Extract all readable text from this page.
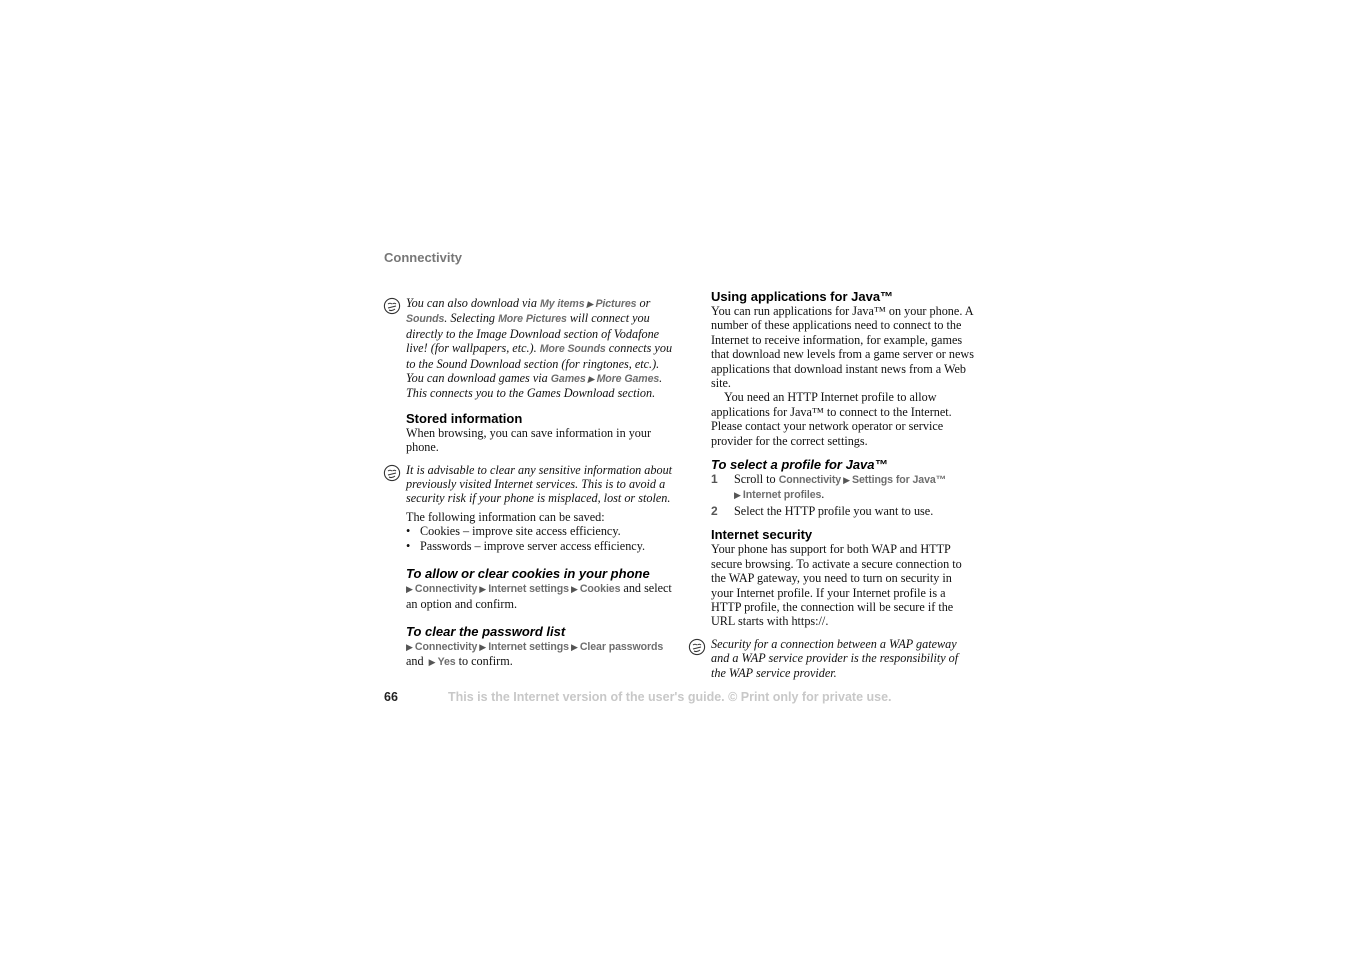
Connectivity
You can also download via My items ▶ Pictures or Sounds. Selecting More Pictures will connect you directly to the Image Download section of Vodafone live! (for wallpapers, etc.). More Sounds connects you to the Sound Download section (for ringtones, etc.). You can download games via Games ▶ More Games. This connects you to the Games Download section.
Stored information

When browsing, you can save information in your phone.

It is advisable to clear any sensitive information about previously visited Internet services. This is to avoid a security risk if your phone is misplaced, lost or stolen.

The following information can be saved:

• Cookies – improve site access efficiency.
• Passwords – improve server access efficiency.
To allow or clear cookies in your phone

▶ Connectivity ▶ Internet settings ▶ Cookies and select an option and confirm.

To clear the password list

▶ Connectivity ▶ Internet settings ▶ Clear passwords and ▶ Yes to confirm.

Using applications for Java™

You can run applications for Java™ on your phone. A number of these applications need to connect to the Internet to receive information, for example, games that download new levels from a game server or news applications that download instant news from a Web site.

You need an HTTP Internet profile to allow applications for Java™ to connect to the Internet. Please contact your network operator or service provider for the correct settings.

To select a profile for Java™
1 Scroll to Connectivity ▶ Settings for Java™
▶ Internet profiles.
2 Select the HTTP profile you want to use.
Internet security

Your phone has support for both WAP and HTTP secure browsing. To activate a secure connection to the WAP gateway, you need to turn on security in your Internet profile. If your Internet profile is a HTTP profile, the connection will be secure if the URL starts with https://.

Security for a connection between a WAP gateway and a WAP service provider is the responsibility of the WAP service provider.
66	This is the Internet version of the user's guide. © Print only for private use.
